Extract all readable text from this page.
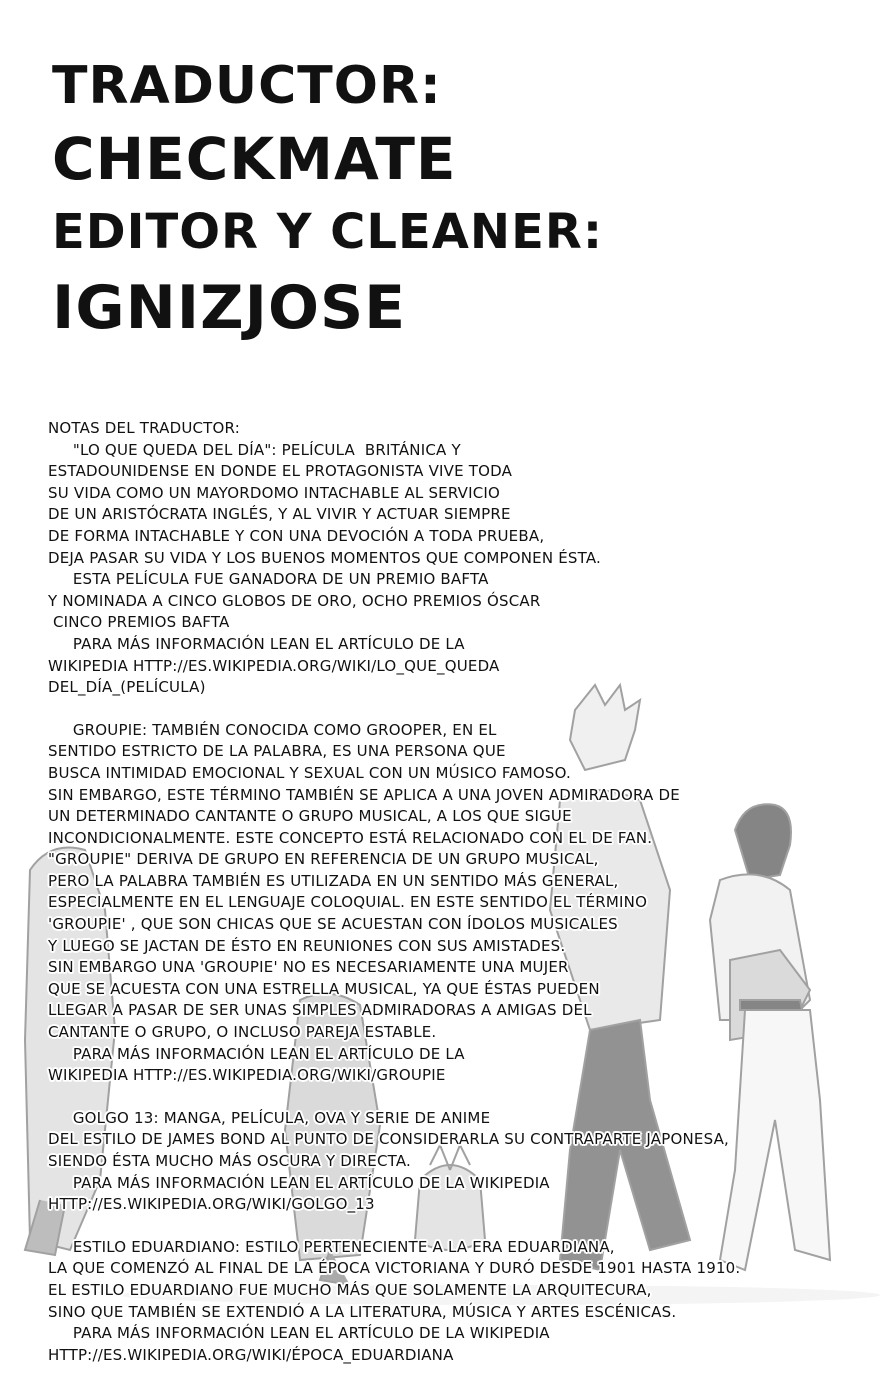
TRADUCTOR:
CHECKMATE
EDITOR Y CLEANER:
IGNIZJOSE

NOTAS DEL TRADUCTOR:

"LO QUE QUEDA DEL DÍA": PELÍCULA  BRITÁNICA Y

ESTADOUNIDENSE EN DONDE EL PROTAGONISTA VIVE TODA

SU VIDA COMO UN MAYORDOMO INTACHABLE AL SERVICIO

DE UN ARISTÓCRATA INGLÉS, Y AL VIVIR Y ACTUAR SIEMPRE

DE FORMA INTACHABLE Y CON UNA DEVOCIÓN A TODA PRUEBA,

DEJA PASAR SU VIDA Y LOS BUENOS MOMENTOS QUE COMPONEN ÉSTA.

ESTA PELÍCULA FUE GANADORA DE UN PREMIO BAFTA

Y NOMINADA A CINCO GLOBOS DE ORO, OCHO PREMIOS ÓSCAR

CINCO PREMIOS BAFTA

PARA MÁS INFORMACIÓN LEAN EL ARTÍCULO DE LA

WIKIPEDIA HTTP://ES.WIKIPEDIA.ORG/WIKI/LO_QUE_QUEDA

DEL_DÍA_(PELÍCULA)

GROUPIE: TAMBIÉN CONOCIDA COMO GROOPER, EN EL

SENTIDO ESTRICTO DE LA PALABRA, ES UNA PERSONA QUE

BUSCA INTIMIDAD EMOCIONAL Y SEXUAL CON UN MÚSICO FAMOSO.

SIN EMBARGO, ESTE TÉRMINO TAMBIÉN SE APLICA A UNA JOVEN ADMIRADORA DE

UN DETERMINADO CANTANTE O GRUPO MUSICAL, A LOS QUE SIGUE

INCONDICIONALMENTE. ESTE CONCEPTO ESTÁ RELACIONADO CON EL DE FAN.

"GROUPIE" DERIVA DE GRUPO EN REFERENCIA DE UN GRUPO MUSICAL,

PERO LA PALABRA TAMBIÉN ES UTILIZADA EN UN SENTIDO MÁS GENERAL,

ESPECIALMENTE EN EL LENGUAJE COLOQUIAL. EN ESTE SENTIDO EL TÉRMINO

'GROUPIE' , QUE SON CHICAS QUE SE ACUESTAN CON ÍDOLOS MUSICALES

Y LUEGO SE JACTAN DE ÉSTO EN REUNIONES CON SUS AMISTADES.

SIN EMBARGO UNA 'GROUPIE' NO ES NECESARIAMENTE UNA MUJER

QUE SE ACUESTA CON UNA ESTRELLA MUSICAL, YA QUE ÉSTAS PUEDEN

LLEGAR A PASAR DE SER UNAS SIMPLES ADMIRADORAS A AMIGAS DEL

CANTANTE O GRUPO, O INCLUSO PAREJA ESTABLE.

PARA MÁS INFORMACIÓN LEAN EL ARTÍCULO DE LA

WIKIPEDIA HTTP://ES.WIKIPEDIA.ORG/WIKI/GROUPIE

GOLGO 13: MANGA, PELÍCULA, OVA Y SERIE DE ANIME

DEL ESTILO DE JAMES BOND AL PUNTO DE CONSIDERARLA SU CONTRAPARTE JAPONESA,

SIENDO ÉSTA MUCHO MÁS OSCURA Y DIRECTA.

PARA MÁS INFORMACIÓN LEAN EL ARTÍCULO DE LA WIKIPEDIA

HTTP://ES.WIKIPEDIA.ORG/WIKI/GOLGO_13

ESTILO EDUARDIANO: ESTILO PERTENECIENTE A LA ERA EDUARDIANA,

LA QUE COMENZÓ AL FINAL DE LA ÉPOCA VICTORIANA Y DURÓ DESDE 1901 HASTA 1910.

EL ESTILO EDUARDIANO FUE MUCHO MÁS QUE SOLAMENTE LA ARQUITECURA,

SINO QUE TAMBIÉN SE EXTENDIÓ A LA LITERATURA, MÚSICA Y ARTES ESCÉNICAS.

PARA MÁS INFORMACIÓN LEAN EL ARTÍCULO DE LA WIKIPEDIA

HTTP://ES.WIKIPEDIA.ORG/WIKI/ÉPOCA_EDUARDIANA
